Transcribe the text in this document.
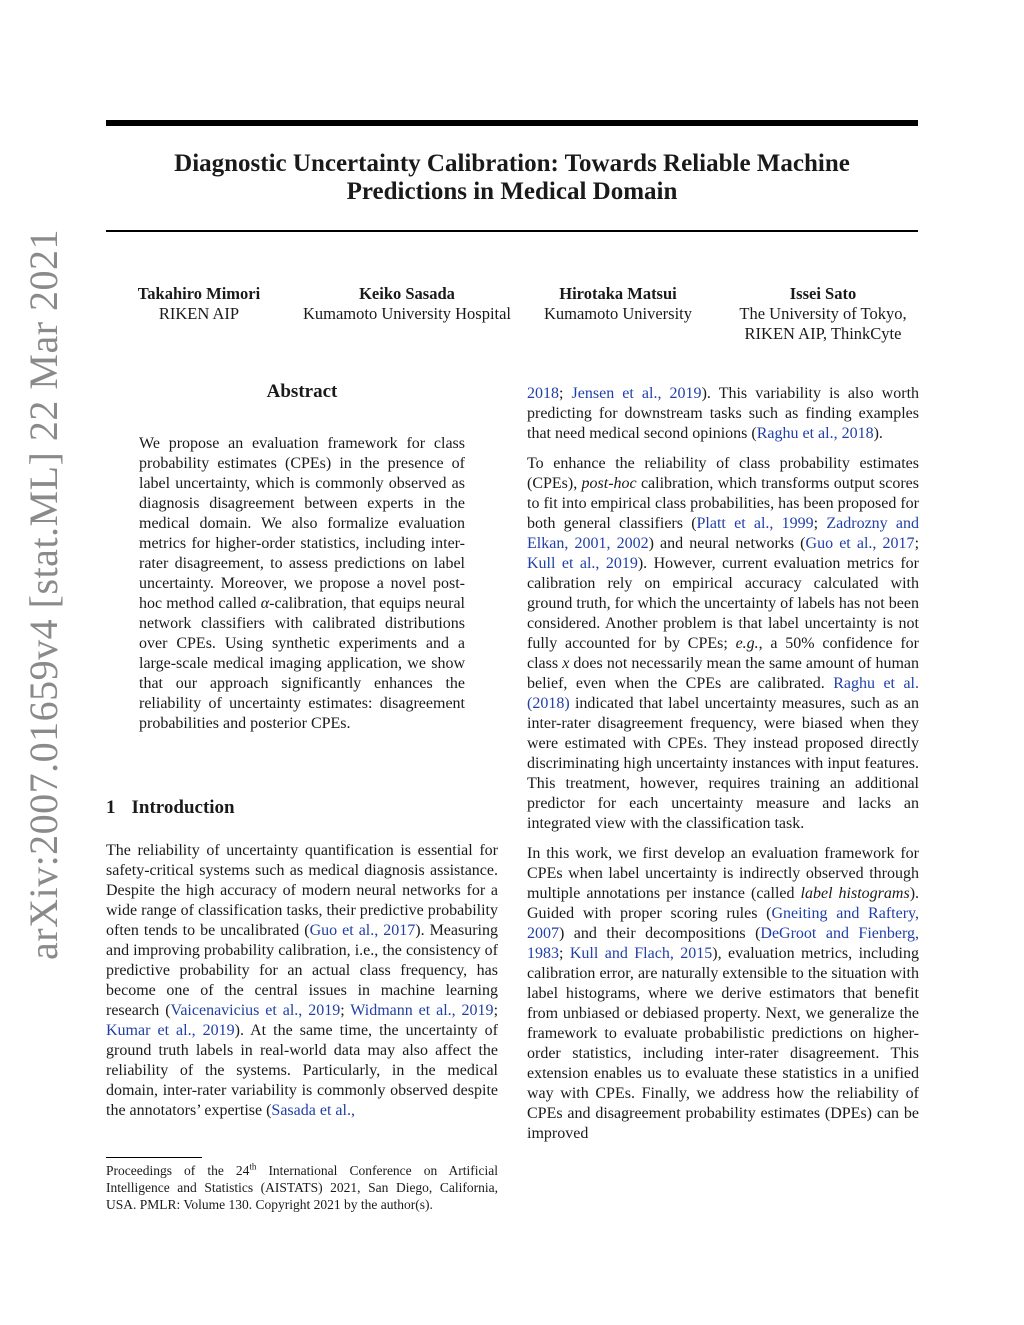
arXiv:2007.01659v4 [stat.ML] 22 Mar 2021
Diagnostic Uncertainty Calibration: Towards Reliable Machine
Predictions in Medical Domain
Takahiro Mimori
RIKEN AIP
Keiko Sasada
Kumamoto University Hospital
Hirotaka Matsui
Kumamoto University
Issei Sato
The University of Tokyo,
RIKEN AIP, ThinkCyte
Abstract
We propose an evaluation framework for class probability estimates (CPEs) in the presence of label uncertainty, which is commonly observed as diagnosis disagreement between experts in the medical domain. We also formalize evaluation metrics for higher-order statistics, including inter-rater disagreement, to assess predictions on label uncertainty. Moreover, we propose a novel post-hoc method called α-calibration, that equips neural network classifiers with calibrated distributions over CPEs. Using synthetic experiments and a large-scale medical imaging application, we show that our approach significantly enhances the reliability of uncertainty estimates: disagreement probabilities and posterior CPEs.
1 Introduction
The reliability of uncertainty quantification is essential for safety-critical systems such as medical diagnosis assistance. Despite the high accuracy of modern neural networks for a wide range of classification tasks, their predictive probability often tends to be uncalibrated (Guo et al., 2017). Measuring and improving probability calibration, i.e., the consistency of predictive probability for an actual class frequency, has become one of the central issues in machine learning research (Vaicenavicius et al., 2019; Widmann et al., 2019; Kumar et al., 2019). At the same time, the uncertainty of ground truth labels in real-world data may also affect the reliability of the systems. Particularly, in the medical domain, inter-rater variability is commonly observed despite the annotators’ expertise (Sasada et al.,
2018; Jensen et al., 2019). This variability is also worth predicting for downstream tasks such as finding examples that need medical second opinions (Raghu et al., 2018).
To enhance the reliability of class probability estimates (CPEs), post-hoc calibration, which transforms output scores to fit into empirical class probabilities, has been proposed for both general classifiers (Platt et al., 1999; Zadrozny and Elkan, 2001, 2002) and neural networks (Guo et al., 2017; Kull et al., 2019). However, current evaluation metrics for calibration rely on empirical accuracy calculated with ground truth, for which the uncertainty of labels has not been considered. Another problem is that label uncertainty is not fully accounted for by CPEs; e.g., a 50% confidence for class x does not necessarily mean the same amount of human belief, even when the CPEs are calibrated. Raghu et al. (2018) indicated that label uncertainty measures, such as an inter-rater disagreement frequency, were biased when they were estimated with CPEs. They instead proposed directly discriminating high uncertainty instances with input features. This treatment, however, requires training an additional predictor for each uncertainty measure and lacks an integrated view with the classification task.
In this work, we first develop an evaluation framework for CPEs when label uncertainty is indirectly observed through multiple annotations per instance (called label histograms). Guided with proper scoring rules (Gneiting and Raftery, 2007) and their decompositions (DeGroot and Fienberg, 1983; Kull and Flach, 2015), evaluation metrics, including calibration error, are naturally extensible to the situation with label histograms, where we derive estimators that benefit from unbiased or debiased property. Next, we generalize the framework to evaluate probabilistic predictions on higher-order statistics, including inter-rater disagreement. This extension enables us to evaluate these statistics in a unified way with CPEs. Finally, we address how the reliability of CPEs and disagreement probability estimates (DPEs) can be improved
Proceedings of the 24th International Conference on Artificial Intelligence and Statistics (AISTATS) 2021, San Diego, California, USA. PMLR: Volume 130. Copyright 2021 by the author(s).
